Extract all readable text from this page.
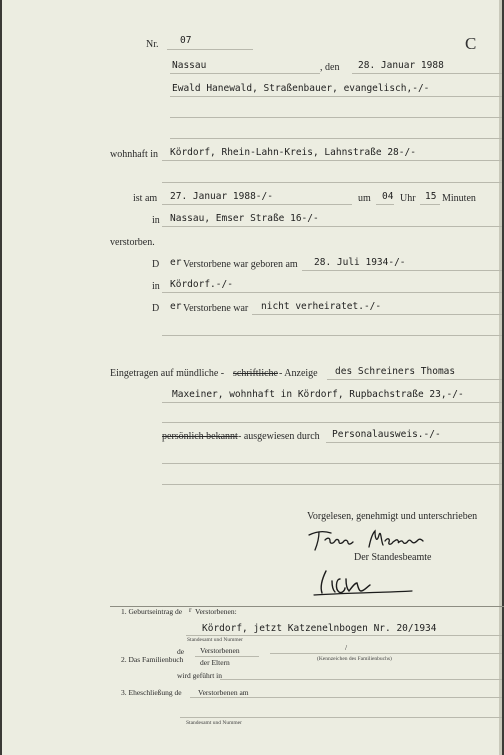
Nr. 07	C
Nassau	, den 28. Januar 1988
Ewald Hanewald, Straßenbauer, evangelisch,-/-
wohnhaft in Kördorf, Rhein-Lahn-Kreis, Lahnstraße 28-/-
ist am 27. Januar 1988-/-	um 04 Uhr 15 Minuten
in Nassau, Emser Straße 16-/-
verstorben.
D er Verstorbene war geboren am 28. Juli 1934-/-
in Kördorf.-/-
D er Verstorbene war nicht verheiratet.-/-
Eingetragen auf mündliche - schriftliche - Anzeige des Schreiners Thomas
Maxeiner, wohnhaft in Kördorf, Rupbachstraße 23,-/-
persönlich bekannt - ausgewiesen durch Personalausweis.-/-
Vorgelesen, genehmigt und unterschrieben
Der Standesbeamte
1. Geburtseintrag de r Verstorbenen:
Kördorf, jetzt Katzenelnbogen Nr. 20/1934
Standesamt und Nummer
de Verstorbenen
2. Das Familienbuch der Eltern
/
(Kennzeichen des Familienbuchs)
wird geführt in
3. Eheschließung de Verstorbenen am
Standesamt und Nummer
